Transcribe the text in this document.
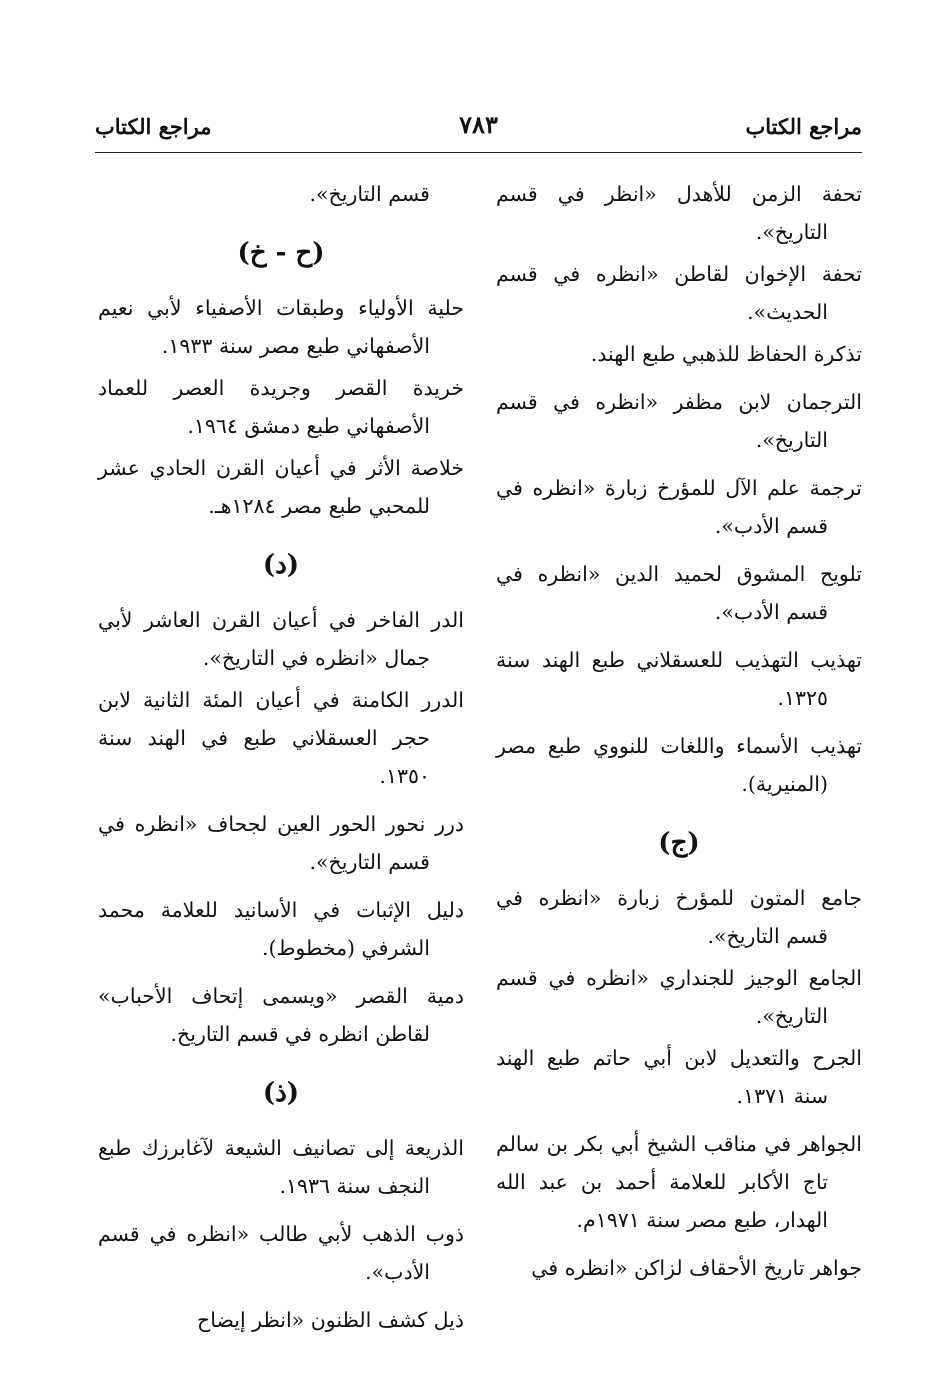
مراجع الكتاب	٧٨٣	مراجع الكتاب

تحفة الزمن للأهدل «انظر في قسم التاريخ».

تحفة الإخوان لقاطن «انظره في قسم الحديث».

تذكرة الحفاظ للذهبي طبع الهند.

الترجمان لابن مظفر «انظره في قسم التاريخ».

ترجمة علم الآل للمؤرخ زبارة «انظره في قسم الأدب».

تلويح المشوق لحميد الدين «انظره في قسم الأدب».

تهذيب التهذيب للعسقلاني طبع الهند سنة ١٣٢٥.

تهذيب الأسماء واللغات للنووي طبع مصر (المنيرية).

(ج)

جامع المتون للمؤرخ زبارة «انظره في قسم التاريخ».

الجامع الوجيز للجنداري «انظره في قسم التاريخ».

الجرح والتعديل لابن أبي حاتم طبع الهند سنة ١٣٧١.

الجواهر في مناقب الشيخ أبي بكر بن سالم تاج الأكابر للعلامة أحمد بن عبد الله الهدار، طبع مصر سنة ١٩٧١م.

جواهر تاريخ الأحقاف لزاكن «انظره في

قسم التاريخ».

(ح - خ)

حلية الأولياء وطبقات الأصفياء لأبي نعيم الأصفهاني طبع مصر سنة ١٩٣٣.

خريدة القصر وجريدة العصر للعماد الأصفهاني طبع دمشق ١٩٦٤.

خلاصة الأثر في أعيان القرن الحادي عشر للمحبي طبع مصر ١٢٨٤هـ.

(د)

الدر الفاخر في أعيان القرن العاشر لأبي جمال «انظره في التاريخ».

الدرر الكامنة في أعيان المئة الثانية لابن حجر العسقلاني طبع في الهند سنة ١٣٥٠.

درر نحور الحور العين لجحاف «انظره في قسم التاريخ».

دليل الإثبات في الأسانيد للعلامة محمد الشرفي (مخطوط).

دمية القصر «ويسمى إتحاف الأحباب» لقاطن انظره في قسم التاريخ.

(ذ)

الذريعة إلى تصانيف الشيعة لآغابرزك طبع النجف سنة ١٩٣٦.

ذوب الذهب لأبي طالب «انظره في قسم الأدب».

ذيل كشف الظنون «انظر إيضاح
